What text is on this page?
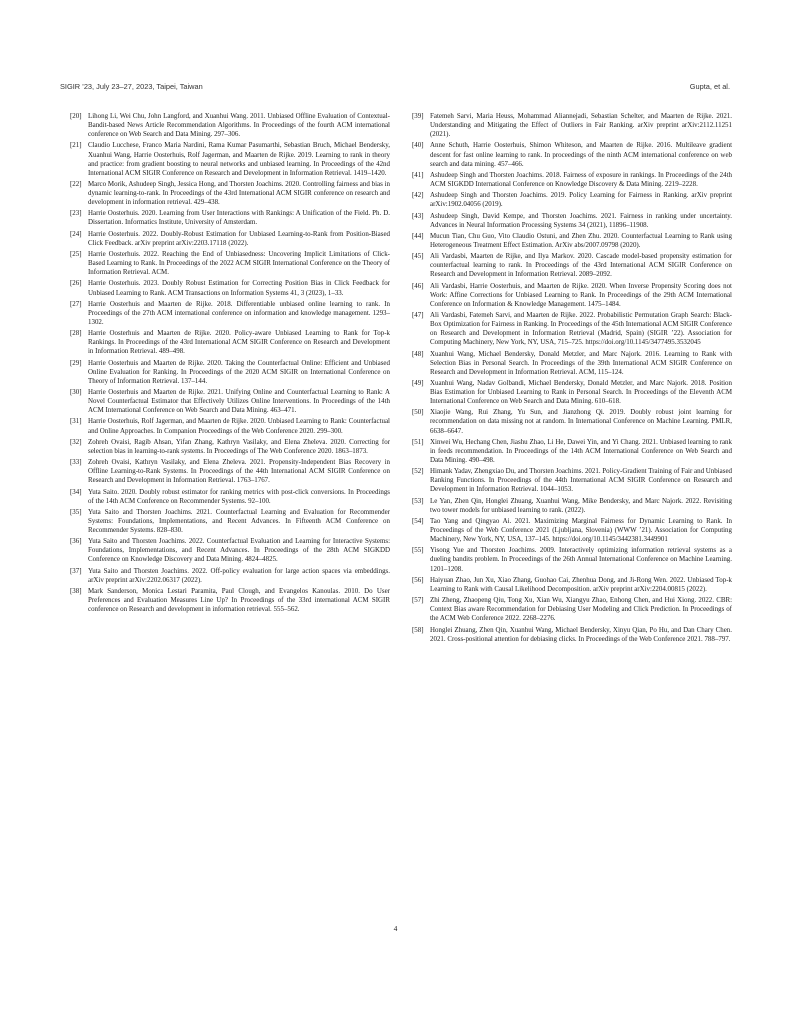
SIGIR ’23, July 23–27, 2023, Taipei, Taiwan	Gupta, et al.
[20] Lihong Li, Wei Chu, John Langford, and Xuanhui Wang. 2011. Unbiased Offline Evaluation of Contextual-Bandit-based News Article Recommendation Algorithms. In Proceedings of the fourth ACM international conference on Web Search and Data Mining. 297–306.
[21] Claudio Lucchese, Franco Maria Nardini, Rama Kumar Pasumarthi, Sebastian Bruch, Michael Bendersky, Xuanhui Wang, Harrie Oosterhuis, Rolf Jagerman, and Maarten de Rijke. 2019. Learning to rank in theory and practice: from gradient boosting to neural networks and unbiased learning. In Proceedings of the 42nd International ACM SIGIR Conference on Research and Development in Information Retrieval. 1419–1420.
[22] Marco Morik, Ashudeep Singh, Jessica Hong, and Thorsten Joachims. 2020. Controlling fairness and bias in dynamic learning-to-rank. In Proceedings of the 43rd International ACM SIGIR conference on research and development in information retrieval. 429–438.
[23] Harrie Oosterhuis. 2020. Learning from User Interactions with Rankings: A Unification of the Field. Ph. D. Dissertation. Informatics Institute, University of Amsterdam.
[24] Harrie Oosterhuis. 2022. Doubly-Robust Estimation for Unbiased Learning-to-Rank from Position-Biased Click Feedback. arXiv preprint arXiv:2203.17118 (2022).
[25] Harrie Oosterhuis. 2022. Reaching the End of Unbiasedness: Uncovering Implicit Limitations of Click-Based Learning to Rank. In Proceedings of the 2022 ACM SIGIR International Conference on the Theory of Information Retrieval. ACM.
[26] Harrie Oosterhuis. 2023. Doubly Robust Estimation for Correcting Position Bias in Click Feedback for Unbiased Learning to Rank. ACM Transactions on Information Systems 41, 3 (2023), 1–33.
[27] Harrie Oosterhuis and Maarten de Rijke. 2018. Differentiable unbiased online learning to rank. In Proceedings of the 27th ACM international conference on information and knowledge management. 1293–1302.
[28] Harrie Oosterhuis and Maarten de Rijke. 2020. Policy-aware Unbiased Learning to Rank for Top-k Rankings. In Proceedings of the 43rd International ACM SIGIR Conference on Research and Development in Information Retrieval. 489–498.
[29] Harrie Oosterhuis and Maarten de Rijke. 2020. Taking the Counterfactual Online: Efficient and Unbiased Online Evaluation for Ranking. In Proceedings of the 2020 ACM SIGIR on International Conference on Theory of Information Retrieval. 137–144.
[30] Harrie Oosterhuis and Maarten de Rijke. 2021. Unifying Online and Counterfactual Learning to Rank: A Novel Counterfactual Estimator that Effectively Utilizes Online Interventions. In Proceedings of the 14th ACM International Conference on Web Search and Data Mining. 463–471.
[31] Harrie Oosterhuis, Rolf Jagerman, and Maarten de Rijke. 2020. Unbiased Learning to Rank: Counterfactual and Online Approaches. In Companion Proceedings of the Web Conference 2020. 299–300.
[32] Zohreh Ovaisi, Ragib Ahsan, Yifan Zhang, Kathryn Vasilaky, and Elena Zheleva. 2020. Correcting for selection bias in learning-to-rank systems. In Proceedings of The Web Conference 2020. 1863–1873.
[33] Zohreh Ovaisi, Kathryn Vasilaky, and Elena Zheleva. 2021. Propensity-Independent Bias Recovery in Offline Learning-to-Rank Systems. In Proceedings of the 44th International ACM SIGIR Conference on Research and Development in Information Retrieval. 1763–1767.
[34] Yuta Saito. 2020. Doubly robust estimator for ranking metrics with post-click conversions. In Proceedings of the 14th ACM Conference on Recommender Systems. 92–100.
[35] Yuta Saito and Thorsten Joachims. 2021. Counterfactual Learning and Evaluation for Recommender Systems: Foundations, Implementations, and Recent Advances. In Fifteenth ACM Conference on Recommender Systems. 828–830.
[36] Yuta Saito and Thorsten Joachims. 2022. Counterfactual Evaluation and Learning for Interactive Systems: Foundations, Implementations, and Recent Advances. In Proceedings of the 28th ACM SIGKDD Conference on Knowledge Discovery and Data Mining. 4824–4825.
[37] Yuta Saito and Thorsten Joachims. 2022. Off-policy evaluation for large action spaces via embeddings. arXiv preprint arXiv:2202.06317 (2022).
[38] Mark Sanderson, Monica Lestari Paramita, Paul Clough, and Evangelos Kanoulas. 2010. Do User Preferences and Evaluation Measures Line Up? In Proceedings of the 33rd international ACM SIGIR conference on Research and development in information retrieval. 555–562.
[39] Fatemeh Sarvi, Maria Heuss, Mohammad Aliannejadi, Sebastian Schelter, and Maarten de Rijke. 2021. Understanding and Mitigating the Effect of Outliers in Fair Ranking. arXiv preprint arXiv:2112.11251 (2021).
[40] Anne Schuth, Harrie Oosterhuis, Shimon Whiteson, and Maarten de Rijke. 2016. Multileave gradient descent for fast online learning to rank. In proceedings of the ninth ACM international conference on web search and data mining. 457–466.
[41] Ashudeep Singh and Thorsten Joachims. 2018. Fairness of exposure in rankings. In Proceedings of the 24th ACM SIGKDD International Conference on Knowledge Discovery & Data Mining. 2219–2228.
[42] Ashudeep Singh and Thorsten Joachims. 2019. Policy Learning for Fairness in Ranking. arXiv preprint arXiv:1902.04056 (2019).
[43] Ashudeep Singh, David Kempe, and Thorsten Joachims. 2021. Fairness in ranking under uncertainty. Advances in Neural Information Processing Systems 34 (2021), 11896–11908.
[44] Mucun Tian, Chu Guo, Vito Claudio Ostuni, and Zhen Zhu. 2020. Counterfactual Learning to Rank using Heterogeneous Treatment Effect Estimation. ArXiv abs/2007.09798 (2020).
[45] Ali Vardasbi, Maarten de Rijke, and Ilya Markov. 2020. Cascade model-based propensity estimation for counterfactual learning to rank. In Proceedings of the 43rd International ACM SIGIR Conference on Research and Development in Information Retrieval. 2089–2092.
[46] Ali Vardasbi, Harrie Oosterhuis, and Maarten de Rijke. 2020. When Inverse Propensity Scoring does not Work: Affine Corrections for Unbiased Learning to Rank. In Proceedings of the 29th ACM International Conference on Information & Knowledge Management. 1475–1484.
[47] Ali Vardasbi, Fatemeh Sarvi, and Maarten de Rijke. 2022. Probabilistic Permutation Graph Search: Black-Box Optimization for Fairness in Ranking. In Proceedings of the 45th International ACM SIGIR Conference on Research and Development in Information Retrieval (Madrid, Spain) (SIGIR ’22). Association for Computing Machinery, New York, NY, USA, 715–725. https://doi.org/10.1145/3477495.3532045
[48] Xuanhui Wang, Michael Bendersky, Donald Metzler, and Marc Najork. 2016. Learning to Rank with Selection Bias in Personal Search. In Proceedings of the 39th International ACM SIGIR Conference on Research and Development in Information Retrieval. ACM, 115–124.
[49] Xuanhui Wang, Nadav Golbandi, Michael Bendersky, Donald Metzler, and Marc Najork. 2018. Position Bias Estimation for Unbiased Learning to Rank in Personal Search. In Proceedings of the Eleventh ACM International Conference on Web Search and Data Mining. 610–618.
[50] Xiaojie Wang, Rui Zhang, Yu Sun, and Jianzhong Qi. 2019. Doubly robust joint learning for recommendation on data missing not at random. In International Conference on Machine Learning. PMLR, 6638–6647.
[51] Xinwei Wu, Hechang Chen, Jiashu Zhao, Li He, Dawei Yin, and Yi Chang. 2021. Unbiased learning to rank in feeds recommendation. In Proceedings of the 14th ACM International Conference on Web Search and Data Mining. 490–498.
[52] Himank Yadav, Zhengxiao Du, and Thorsten Joachims. 2021. Policy-Gradient Training of Fair and Unbiased Ranking Functions. In Proceedings of the 44th International ACM SIGIR Conference on Research and Development in Information Retrieval. 1044–1053.
[53] Le Yan, Zhen Qin, Honglei Zhuang, Xuanhui Wang, Mike Bendersky, and Marc Najork. 2022. Revisiting two tower models for unbiased learning to rank. (2022).
[54] Tao Yang and Qingyao Ai. 2021. Maximizing Marginal Fairness for Dynamic Learning to Rank. In Proceedings of the Web Conference 2021 (Ljubljana, Slovenia) (WWW ’21). Association for Computing Machinery, New York, NY, USA, 137–145. https://doi.org/10.1145/3442381.3449901
[55] Yisong Yue and Thorsten Joachims. 2009. Interactively optimizing information retrieval systems as a dueling bandits problem. In Proceedings of the 26th Annual International Conference on Machine Learning. 1201–1208.
[56] Haiyuan Zhao, Jun Xu, Xiao Zhang, Guohao Cai, Zhenhua Dong, and Ji-Rong Wen. 2022. Unbiased Top-k Learning to Rank with Causal Likelihood Decomposition. arXiv preprint arXiv:2204.00815 (2022).
[57] Zhi Zheng, Zhaopeng Qiu, Tong Xu, Xian Wu, Xiangyu Zhao, Enhong Chen, and Hui Xiong. 2022. CBR: Context Bias aware Recommendation for Debiasing User Modeling and Click Prediction. In Proceedings of the ACM Web Conference 2022. 2268–2276.
[58] Honglei Zhuang, Zhen Qin, Xuanhui Wang, Michael Bendersky, Xinyu Qian, Po Hu, and Dan Chary Chen. 2021. Cross-positional attention for debiasing clicks. In Proceedings of the Web Conference 2021. 788–797.
4
